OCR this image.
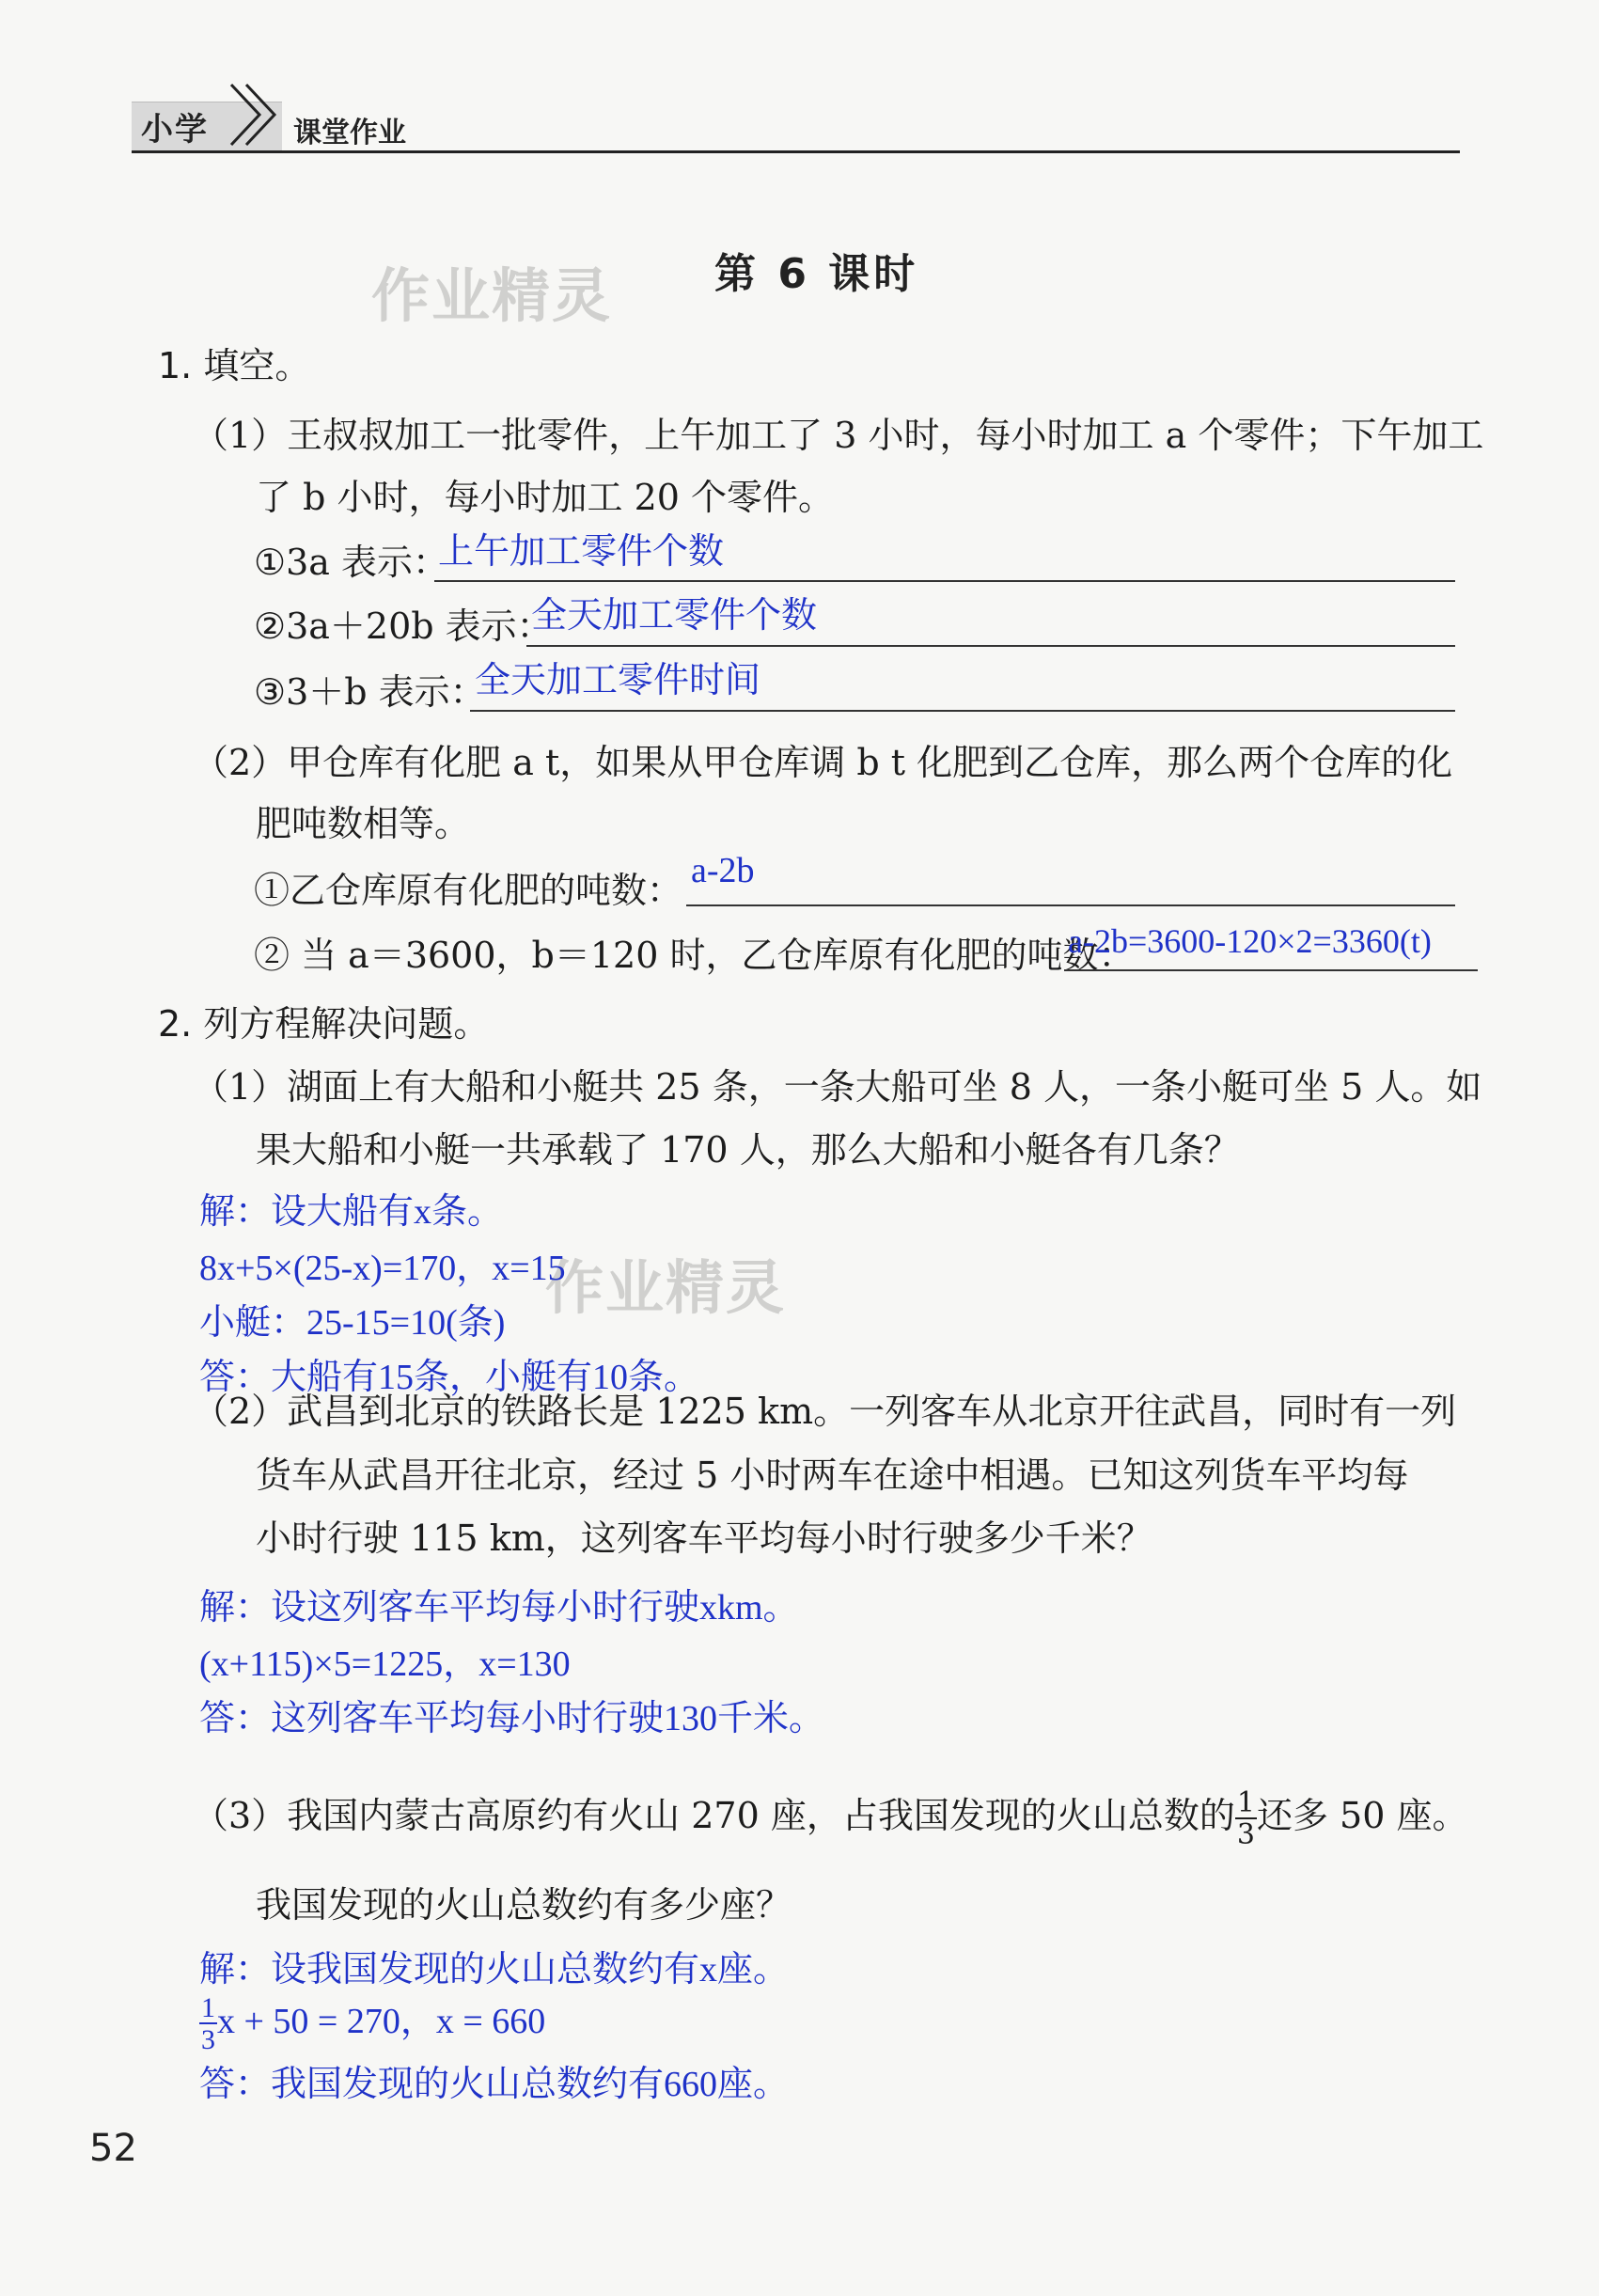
小学	课堂作业
作业精灵
作业精灵
第 6 课时
1. 填空。
（1）王叔叔加工一批零件，上午加工了 3 小时，每小时加工 a 个零件；下午加工
了 b 小时，每小时加工 20 个零件。
①3a 表示：
上午加工零件个数
②3a＋20b 表示：
全天加工零件个数
③3＋b 表示：
全天加工零件时间
（2）甲仓库有化肥 a t，如果从甲仓库调 b t 化肥到乙仓库，那么两个仓库的化
肥吨数相等。
①乙仓库原有化肥的吨数： a-2b
② 当 a＝3600，b＝120 时，乙仓库原有化肥的吨数：
a-2b=3600-120×2=3360(t)
2. 列方程解决问题。
（1）湖面上有大船和小艇共 25 条，一条大船可坐 8 人，一条小艇可坐 5 人。如
果大船和小艇一共承载了 170 人，那么大船和小艇各有几条？
解：设大船有x条。
8x+5×(25-x)=170，x=15
小艇：25-15=10(条)
答：大船有15条，小艇有10条。
（2）武昌到北京的铁路长是 1225 km。一列客车从北京开往武昌，同时有一列
货车从武昌开往北京，经过 5 小时两车在途中相遇。已知这列货车平均每
小时行驶 115 km，这列客车平均每小时行驶多少千米？
解：设这列客车平均每小时行驶xkm。
(x+115)×5=1225，x=130
答：这列客车平均每小时行驶130千米。
（3）我国内蒙古高原约有火山 270 座，占我国发现的火山总数的 $\frac{1}{3}$ 还多 50 座。
我国发现的火山总数约有多少座？
解：设我国发现的火山总数约有x座。
$\frac{1}{3}$ x + 50 = 270，x = 660
答：我国发现的火山总数约有660座。
52
